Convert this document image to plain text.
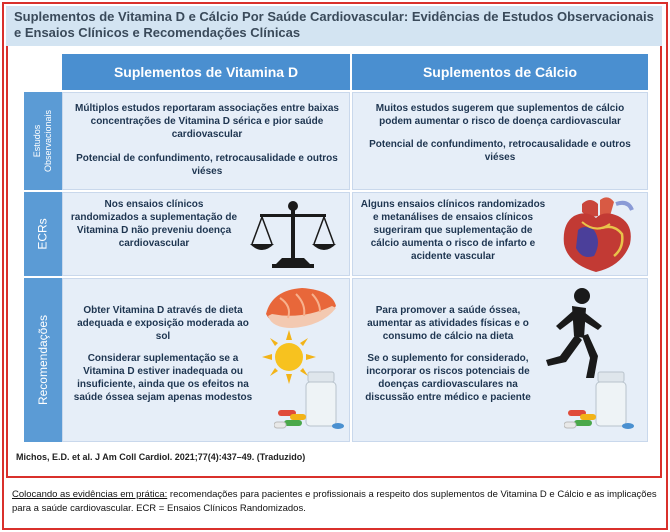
Suplementos de Vitamina D e Cálcio Por Saúde Cardiovascular: Evidências de Estudos Observacionais e Ensaios Clínicos e Recomendações Clínicas
Suplementos de Vitamina D	Suplementos de Cálcio
Estudos Observacionais
ECRs
Recomendações
Múltiplos estudos reportaram associações entre baixas concentrações de Vitamina D sérica e pior saúde cardiovascular
Potencial de confundimento, retrocausalidade e outros viéses
Muitos estudos sugerem que suplementos de cálcio podem aumentar o risco de doença cardiovascular
Potencial de confundimento, retrocausalidade e outros viéses
Nos ensaios clínicos randomizados a suplementação de Vitamina D não preveniu doença cardiovascular
Alguns ensaios clínicos randomizados e metanálises de ensaios clínicos sugeriram que suplementação de cálcio aumenta o risco de infarto e acidente vascular
Obter Vitamina D através de dieta adequada e exposição moderada ao sol
Considerar suplementação se a Vitamina D estiver inadequada ou insuficiente, ainda que os efeitos na saúde óssea sejam apenas modestos
Para promover a saúde óssea, aumentar as atividades físicas e o consumo de cálcio na dieta
Se o suplemento for considerado, incorporar os riscos potenciais de doenças cardiovasculares na discussão entre médico e paciente
Michos, E.D. et al. J Am Coll Cardiol. 2021;77(4):437–49. (Traduzido)
Colocando as evidências em prática: recomendações para pacientes e profissionais a respeito dos suplementos de Vitamina D e Cálcio e as implicações para a saúde cardiovascular. ECR = Ensaios Clínicos Randomizados.
